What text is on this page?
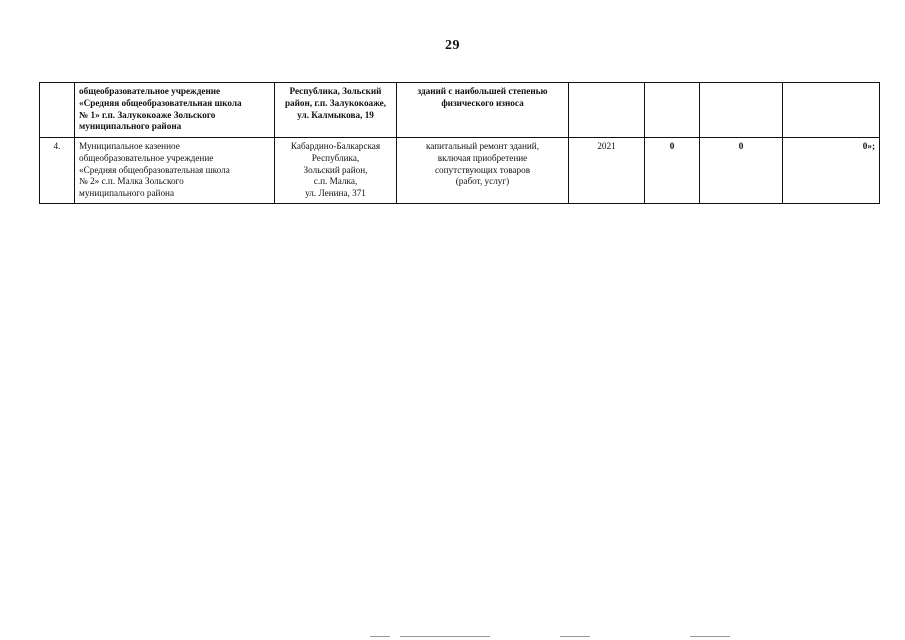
29

	общеобразовательное учреждение
«Средняя общеобразовательная школа
№ 1» г.п. Залукокоаже Зольского
муниципального района	Республика, Зольский
район, г.п. Залукокоаже,
ул. Калмыкова, 19	зданий с наибольшей степенью
физического износа				

4.	Муниципальное казенное
общеобразовательное учреждение
«Средняя общеобразовательная школа
№ 2» с.п. Малка Зольского
муниципального района	Кабардино-Балкарская
Республика,
Зольский район,
с.п. Малка,
ул. Ленина, 371	капитальный ремонт зданий,
включая приобретение
сопутствующих товаров
(работ, услуг)	2021	0	0	0»;
